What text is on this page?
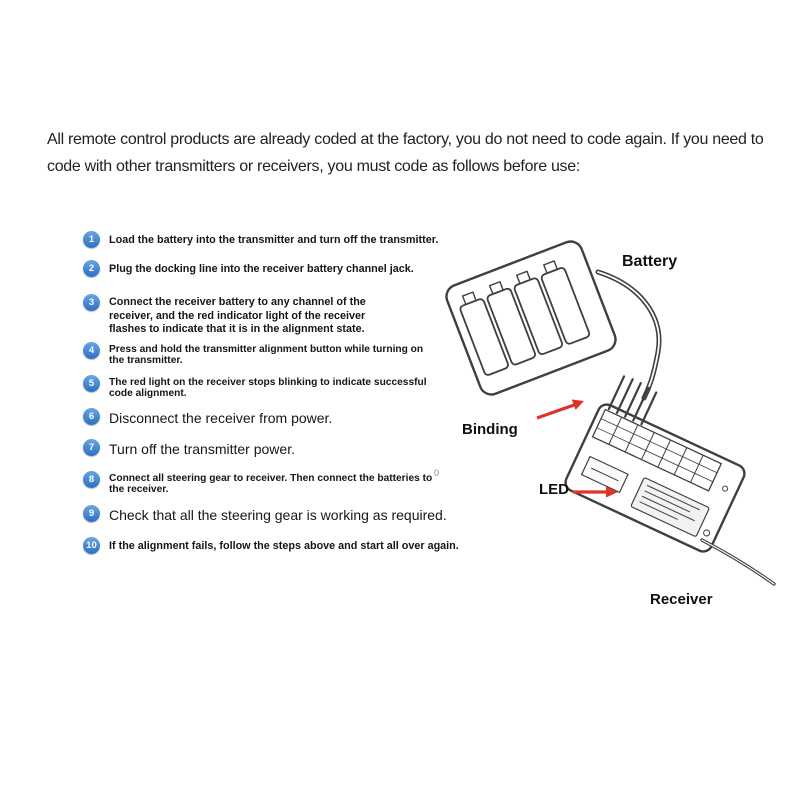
All remote control products are already coded at the factory, you do not need to code again. If you need to code with other transmitters or receivers, you must code as follows before use:
1	Load the battery into the transmitter and turn off the transmitter.
2	Plug the docking line into the receiver battery channel jack.
3	Connect the receiver battery to any channel of the receiver, and the red indicator light of the receiver flashes to indicate that it is in the alignment state.
4	Press and hold the transmitter alignment button while turning on the transmitter.
5	The red light on the receiver stops blinking to indicate successful code alignment.
6	Disconnect the receiver from power.
7	Turn off the transmitter power.
8	Connect all steering gear to receiver. Then connect the batteries to the receiver.
9	Check that all the steering gear is working as required.
10 If the alignment fails, follow the steps above and start all over again.
Battery
Binding
LED
Receiver
0
